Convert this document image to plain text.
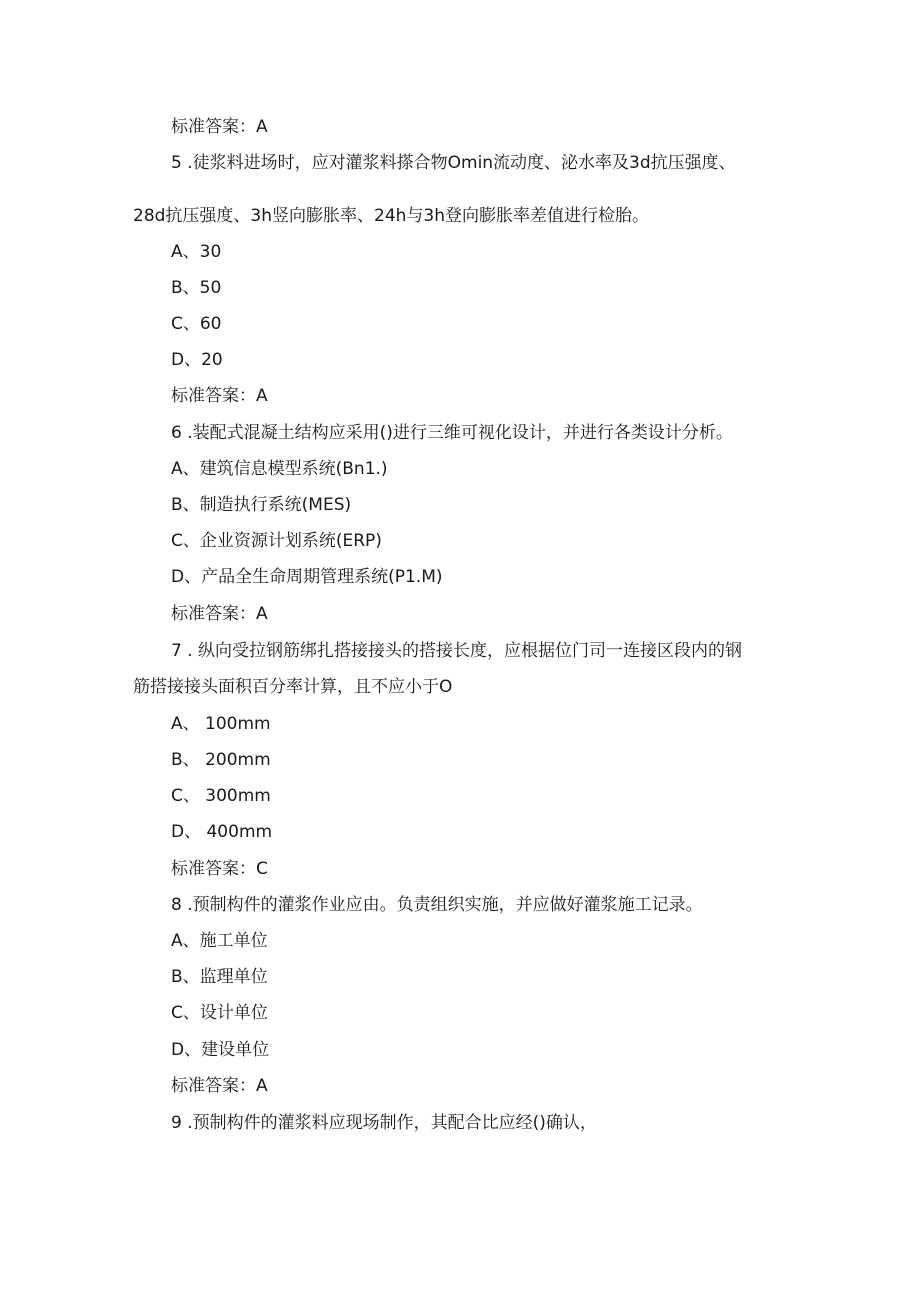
标准答案：A
5 .徒浆料进场时，应对灌浆料搽合物Omin流动度、泌水率及3d抗压强度、
28d抗压强度、3h竖向膨胀率、24h与3h登向膨胀率差值进行检胎。
A、30
B、50
C、60
D、20
标准答案：A
6 .装配式混凝土结构应采用()进行三维可视化设计，并进行各类设计分析。
A、建筑信息模型系统(Bn1.)
B、制造执行系统(MES)
C、企业资源计划系统(ERP)
D、产品全生命周期管理系统(P1.M)
标准答案：A
7 . 纵向受拉钢筋绑扎搭接接头的搭接长度，应根据位门司一连接区段内的钢
筋搭接接头面积百分率计算，且不应小于O
A、 100mm
B、 200mm
C、 300mm
D、 400mm
标准答案：C
8 .预制构件的灌浆作业应由。负责组织实施，并应做好灌浆施工记录。
A、施工单位
B、监理单位
C、设计单位
D、建设单位
标准答案：A
9 .预制构件的灌浆料应现场制作，其配合比应经()确认，
